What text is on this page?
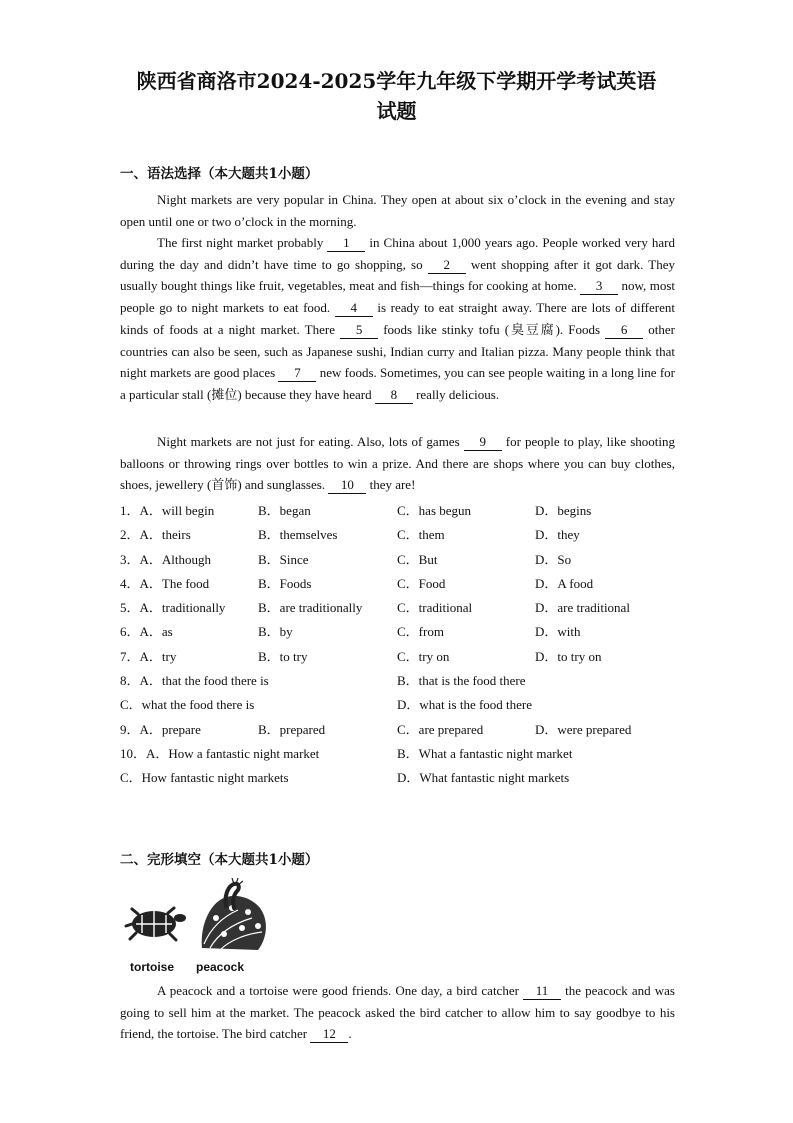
陕西省商洛市2024-2025学年九年级下学期开学考试英语
试题
一、语法选择（本大题共1小题）
Night markets are very popular in China. They open at about six o’clock in the evening and stay open until one or two o’clock in the morning.
The first night market probably 1 in China about 1,000 years ago. People worked very hard during the day and didn’t have time to go shopping, so 2 went shopping after it got dark. They usually bought things like fruit, vegetables, meat and fish—things for cooking at home. 3 now, most people go to night markets to eat food. 4 is ready to eat straight away. There are lots of different kinds of foods at a night market. There 5 foods like stinky tofu (臭豆腐). Foods 6 other countries can also be seen, such as Japanese sushi, Indian curry and Italian pizza. Many people think that night markets are good places 7 new foods. Sometimes, you can see people waiting in a long line for a particular stall (摊位) because they have heard 8 really delicious.
Night markets are not just for eating. Also, lots of games 9 for people to play, like shooting balloons or throwing rings over bottles to win a prize. And there are shops where you can buy clothes, shoes, jewellery (首饰) and sunglasses. 10 they are!
1．A．will begin	B．began	C．has begun	D．begins
2．A．theirs	B．themselves	C．them	D．they
3．A．Although	B．Since	C．But	D．So
4．A．The food	B．Foods	C．Food	D．A food
5．A．traditionally	B．are traditionally	C．traditional	D．are traditional
6．A．as	B．by	C．from	D．with
7．A．try	B．to try	C．try on	D．to try on
8．A．that the food there is	B．that is the food there
C．what the food there is	D．what is the food there
9．A．prepare	B．prepared	C．are prepared	D．were prepared
10．A．How a fantastic night market	B．What a fantastic night market
C．How fantastic night markets	D．What fantastic night markets
二、完形填空（本大题共1小题）
tortoise peacock
A peacock and a tortoise were good friends. One day, a bird catcher 11 the peacock and was going to sell him at the market. The peacock asked the bird catcher to allow him to say goodbye to his friend, the tortoise. The bird catcher 12 .
